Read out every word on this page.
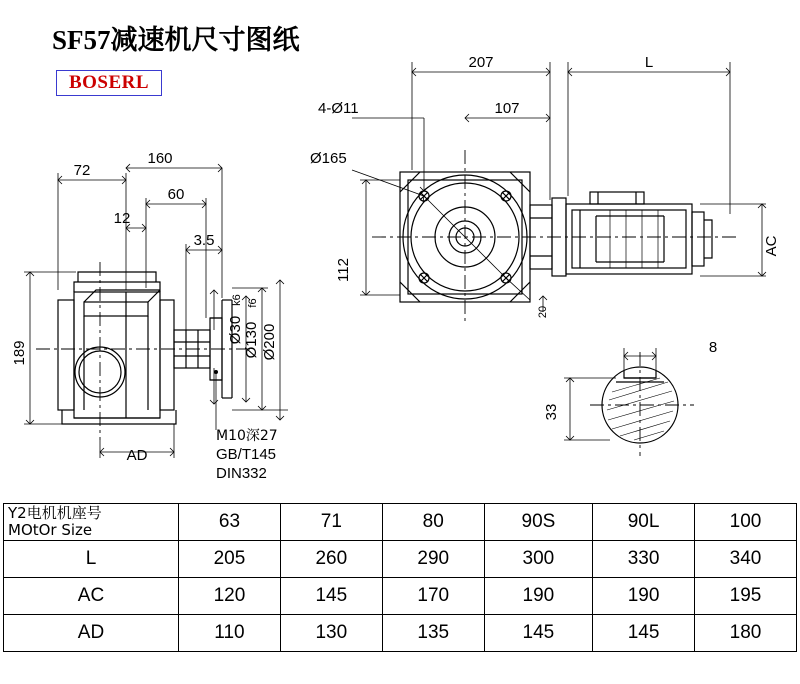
SF57减速机尺寸图纸
BOSERL
72
160
60
12
3.5
189
AD
Ø30
k6
Ø130
f6
Ø200
M10深27
GB/T145
DIN332
207	L
107
4-Ø11
Ø165
112
20
AC
8
33
Y2电机机座号
MOtOr Size	63	71	80	90S	90L	100
L	205	260	290	300	330	340
AC	120	145	170	190	190	195
AD	110	130	135	145	145	180
